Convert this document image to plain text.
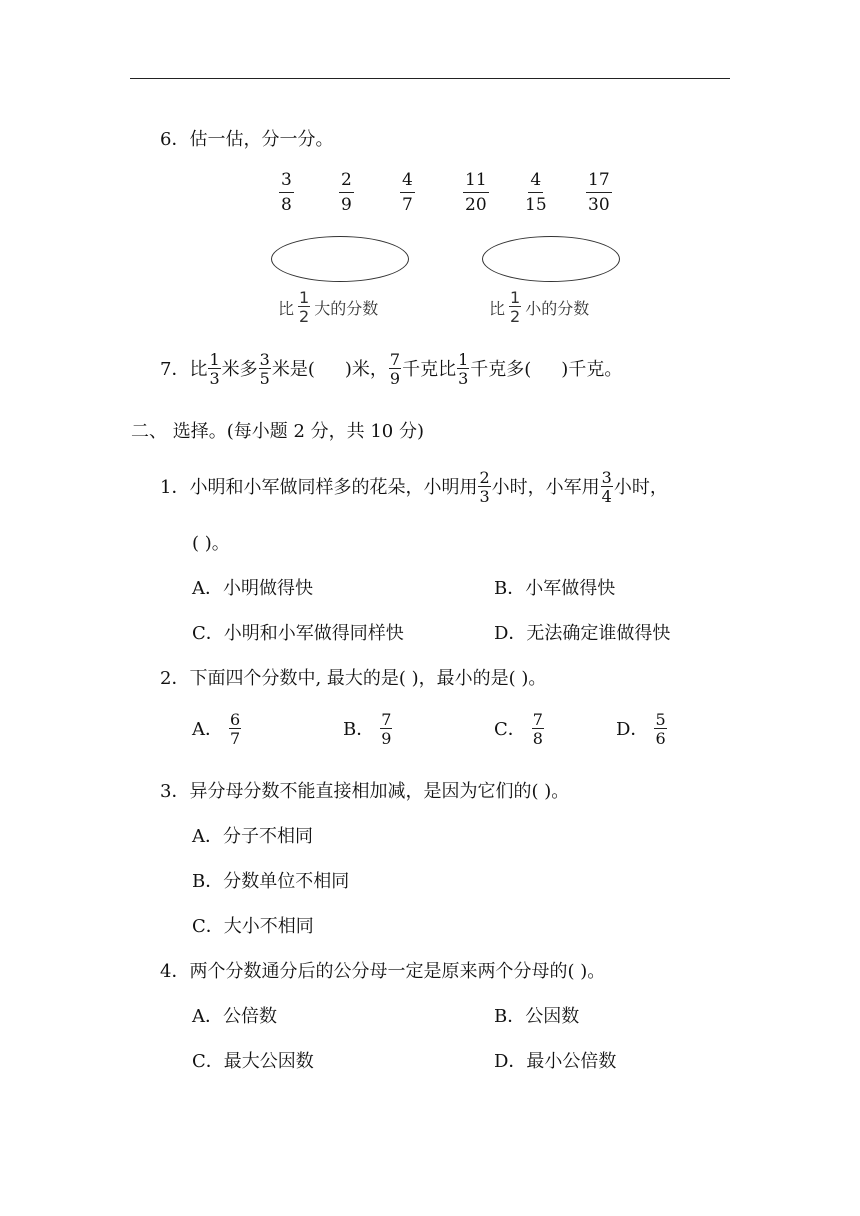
6．估一估，分一分。
$\frac{3}{8}$	$\frac{2}{9}$	$\frac{4}{7}$	$\frac{11}{20} \frac{4}{15} \frac{17}{30}$
比 $\frac{1}{2}$ 大的分数	比 $\frac{1}{2}$ 小的分数
7．比 $\frac{1}{3}$ 米多 $\frac{3}{5}$ 米是( )米， $\frac{7}{9}$ 千克比 $\frac{1}{3}$ 千克多( )千克。
二、 选择。(每小题 2 分，共 10 分)
1．小明和小军做同样多的花朵，小明用 $\frac{2}{3}$ 小时，小军用 $\frac{3}{4}$ 小时，
( )。
A．小明做得快	B．小军做得快
C．小明和小军做得同样快	D．无法确定谁做得快
2．下面四个分数中, 最大的是( )，最小的是( )。
A． $\frac{6}{7}$	B． $\frac{7}{9}$	C． $\frac{7}{8}$	D． $\frac{5}{6}$
3．异分母分数不能直接相加减，是因为它们的( )。
A．分子不相同
B．分数单位不相同
C．大小不相同
4．两个分数通分后的公分母一定是原来两个分母的( )。
A．公倍数	B．公因数
C．最大公因数	D．最小公倍数
